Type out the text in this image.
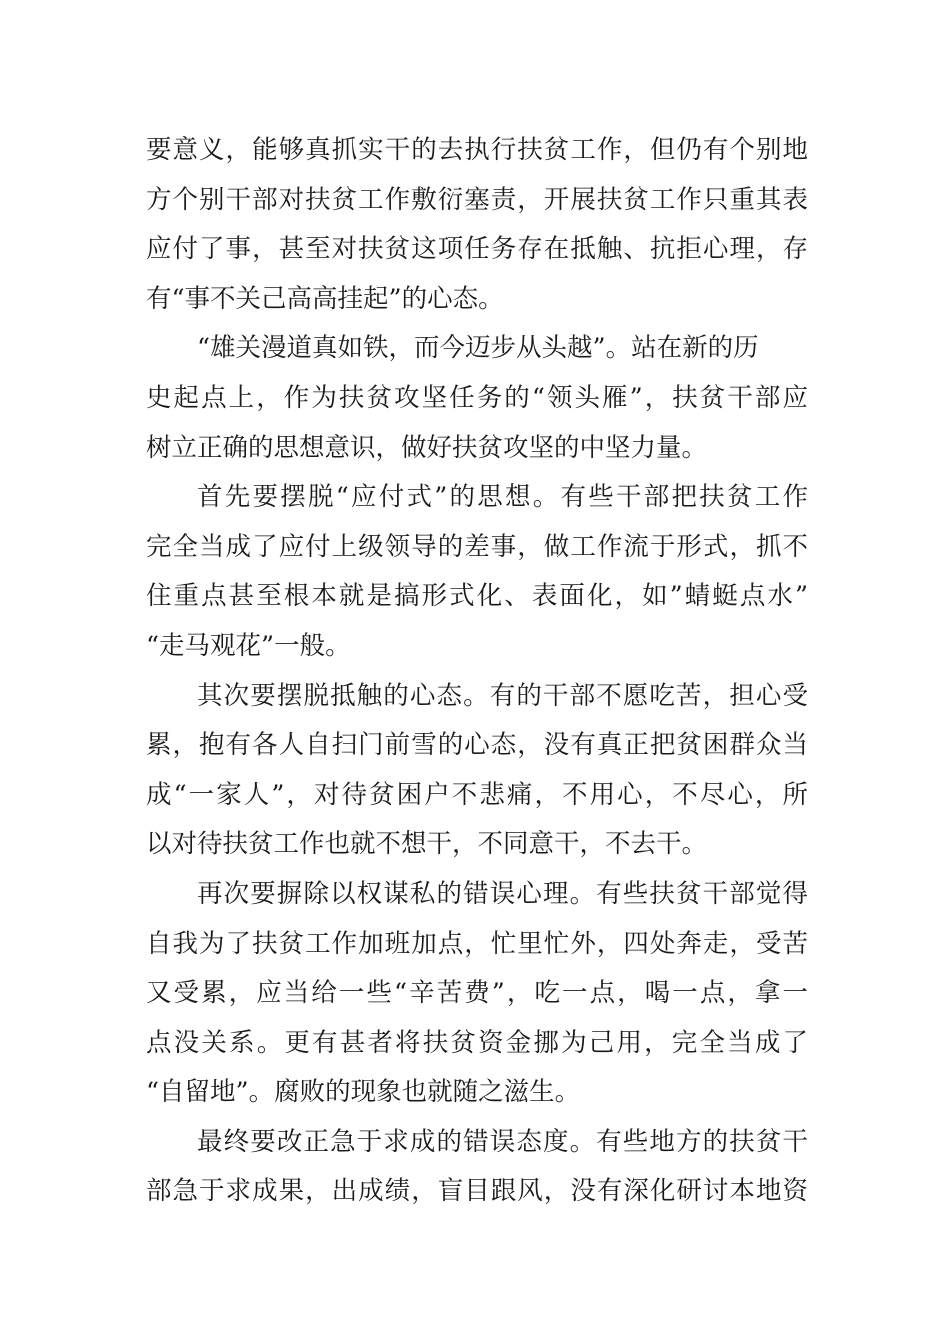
要意义，能够真抓实干的去执行扶贫工作，但仍有个别地
方个别干部对扶贫工作敷衍塞责，开展扶贫工作只重其表
应付了事，甚至对扶贫这项任务存在抵触、抗拒心理，存
有“事不关己高高挂起”的心态。
“雄关漫道真如铁，而今迈步从头越”。站在新的历
史起点上，作为扶贫攻坚任务的“领头雁”，扶贫干部应
树立正确的思想意识，做好扶贫攻坚的中坚力量。
首先要摆脱“应付式”的思想。有些干部把扶贫工作
完全当成了应付上级领导的差事，做工作流于形式，抓不
住重点甚至根本就是搞形式化、表面化，如”蜻蜓点水”
“走马观花”一般。
其次要摆脱抵触的心态。有的干部不愿吃苦，担心受
累，抱有各人自扫门前雪的心态，没有真正把贫困群众当
成“一家人”，对待贫困户不悲痛，不用心，不尽心，所
以对待扶贫工作也就不想干，不同意干，不去干。
再次要摒除以权谋私的错误心理。有些扶贫干部觉得
自我为了扶贫工作加班加点，忙里忙外，四处奔走，受苦
又受累，应当给一些“辛苦费”，吃一点，喝一点，拿一
点没关系。更有甚者将扶贫资金挪为己用，完全当成了
“自留地”。腐败的现象也就随之滋生。
最终要改正急于求成的错误态度。有些地方的扶贫干
部急于求成果，出成绩，盲目跟风，没有深化研讨本地资
